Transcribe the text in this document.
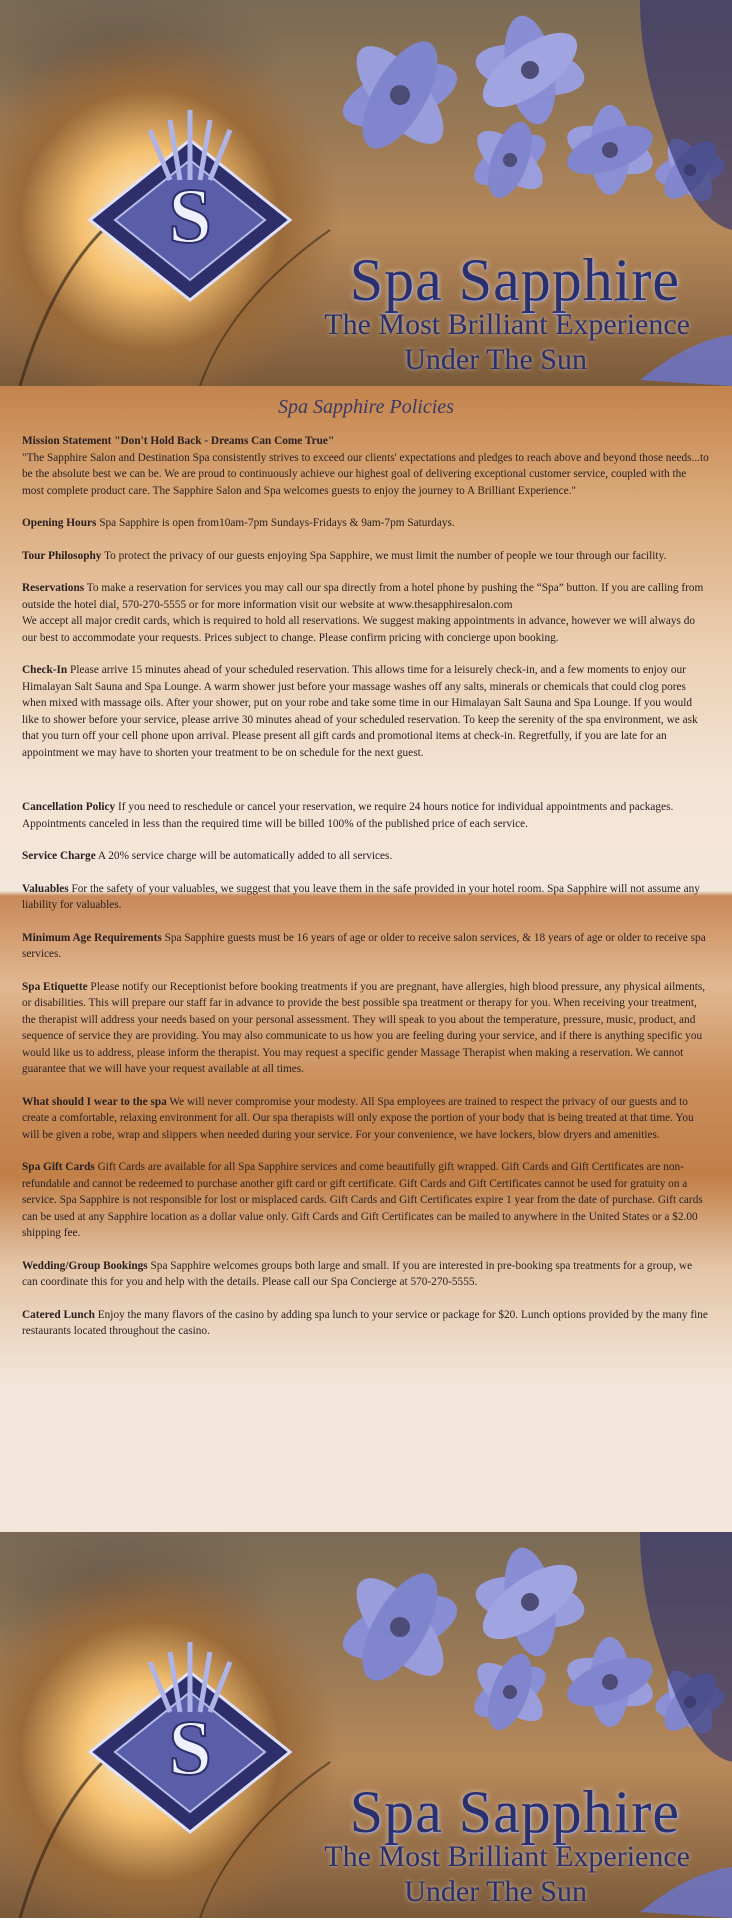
S
Spa Sapphire
The Most Brilliant Experience
Under The Sun
Spa Sapphire Policies

Mission Statement "Don't Hold Back - Dreams Can Come True"
"The Sapphire Salon and Destination Spa consistently strives to exceed our clients' expectations and pledges to reach above and beyond those needs...to be the absolute best we can be. We are proud to continuously achieve our highest goal of delivering exceptional customer service, coupled with the most complete product care. The Sapphire Salon and Spa welcomes guests to enjoy the journey to A Brilliant Experience."

Opening Hours Spa Sapphire is open from10am-7pm Sundays-Fridays & 9am-7pm Saturdays.

Tour Philosophy To protect the privacy of our guests enjoying Spa Sapphire, we must limit the number of people we tour through our facility.

Reservations To make a reservation for services you may call our spa directly from a hotel phone by pushing the “Spa” button. If you are calling from outside the hotel dial, 570-270-5555 or for more information visit our website at www.thesapphiresalon.com
We accept all major credit cards, which is required to hold all reservations. We suggest making appointments in advance, however we will always do our best to accommodate your requests. Prices subject to change. Please confirm pricing with concierge upon booking.

Check-In Please arrive 15 minutes ahead of your scheduled reservation. This allows time for a leisurely check-in, and a few moments to enjoy our Himalayan Salt Sauna and Spa Lounge. A warm shower just before your massage washes off any salts, minerals or chemicals that could clog pores when mixed with massage oils. After your shower, put on your robe and take some time in our Himalayan Salt Sauna and Spa Lounge. If you would like to shower before your service, please arrive 30 minutes ahead of your scheduled reservation. To keep the serenity of the spa environment, we ask that you turn off your cell phone upon arrival. Please present all gift cards and promotional items at check-in. Regretfully, if you are late for an appointment we may have to shorten your treatment to be on schedule for the next guest.

Cancellation Policy If you need to reschedule or cancel your reservation, we require 24 hours notice for individual appointments and packages. Appointments canceled in less than the required time will be billed 100% of the published price of each service.

Service Charge A 20% service charge will be automatically added to all services.

Valuables For the safety of your valuables, we suggest that you leave them in the safe provided in your hotel room. Spa Sapphire will not assume any liability for valuables.

Minimum Age Requirements Spa Sapphire guests must be 16 years of age or older to receive salon services, & 18 years of age or older to receive spa services.

Spa Etiquette Please notify our Receptionist before booking treatments if you are pregnant, have allergies, high blood pressure, any physical ailments, or disabilities. This will prepare our staff far in advance to provide the best possible spa treatment or therapy for you. When receiving your treatment, the therapist will address your needs based on your personal assessment. They will speak to you about the temperature, pressure, music, product, and sequence of service they are providing. You may also communicate to us how you are feeling during your service, and if there is anything specific you would like us to address, please inform the therapist. You may request a specific gender Massage Therapist when making a reservation. We cannot guarantee that we will have your request available at all times.

What should I wear to the spa We will never compromise your modesty. All Spa employees are trained to respect the privacy of our guests and to create a comfortable, relaxing environment for all. Our spa therapists will only expose the portion of your body that is being treated at that time. You will be given a robe, wrap and slippers when needed during your service. For your convenience, we have lockers, blow dryers and amenities.

Spa Gift Cards Gift Cards are available for all Spa Sapphire services and come beautifully gift wrapped. Gift Cards and Gift Certificates are non-refundable and cannot be redeemed to purchase another gift card or gift certificate. Gift Cards and Gift Certificates cannot be used for gratuity on a service. Spa Sapphire is not responsible for lost or misplaced cards. Gift Cards and Gift Certificates expire 1 year from the date of purchase. Gift cards can be used at any Sapphire location as a dollar value only. Gift Cards and Gift Certificates can be mailed to anywhere in the United States or a $2.00 shipping fee.

Wedding/Group Bookings Spa Sapphire welcomes groups both large and small. If you are interested in pre-booking spa treatments for a group, we can coordinate this for you and help with the details. Please call our Spa Concierge at 570-270-5555.

Catered Lunch Enjoy the many flavors of the casino by adding spa lunch to your service or package for $20. Lunch options provided by the many fine restaurants located throughout the casino.

S
Spa Sapphire
The Most Brilliant Experience
Under The Sun
